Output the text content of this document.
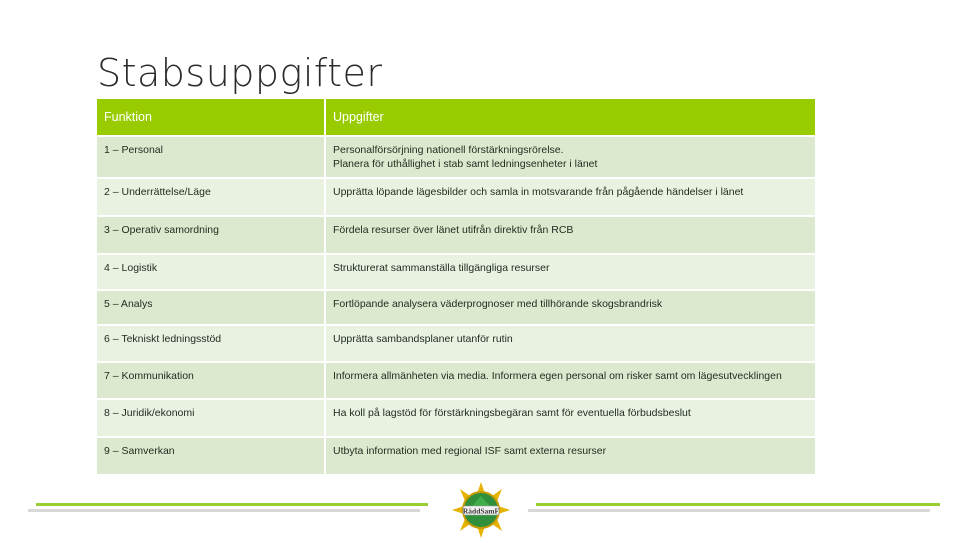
Stabsuppgifter
Funktion	Uppgifter
1 – Personal	Personalförsörjning nationell förstärkningsrörelse.
Planera för uthållighet i stab samt ledningsenheter i länet

2 – Underrättelse/Läge	Upprätta löpande lägesbilder och samla in motsvarande från pågående händelser i länet

3 – Operativ samordning	Fördela resurser över länet utifrån direktiv från RCB

4 – Logistik	Strukturerat sammanställa tillgängliga resurser

5 – Analys	Fortlöpande analysera väderprognoser med tillhörande skogsbrandrisk

6 – Tekniskt ledningsstöd	Upprätta sambandsplaner utanför rutin

7 – Kommunikation	Informera allmänheten via media. Informera egen personal om risker samt om lägesutvecklingen

8 – Juridik/ekonomi	Ha koll på lagstöd för förstärkningsbegäran samt för eventuella förbudsbeslut

9 – Samverkan	Utbyta information med regional ISF samt externa resurser
RäddSamF
